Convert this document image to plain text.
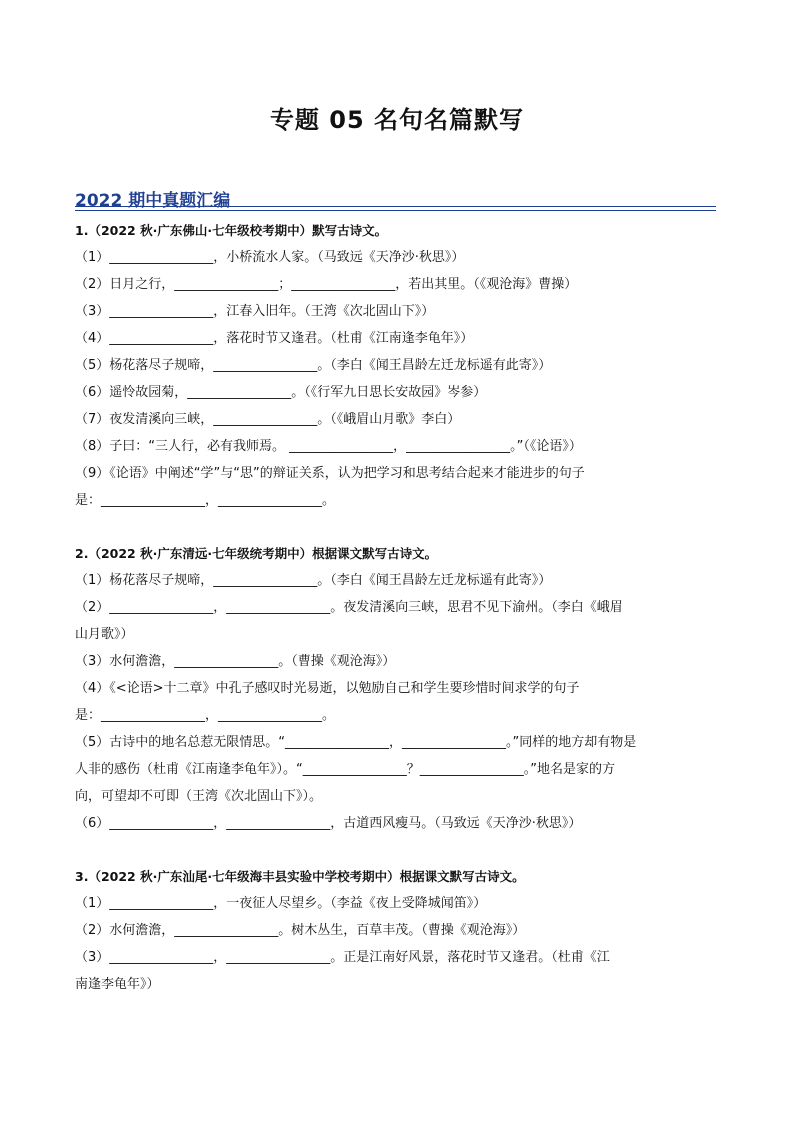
专题 05 名句名篇默写
2022 期中真题汇编
1.（2022 秋·广东佛山·七年级校考期中）默写古诗文。
（1）________________，小桥流水人家。（马致远《天净沙·秋思》）
（2）日月之行，________________；________________，若出其里。（《观沧海》曹操）
（3）________________，江春入旧年。（王湾《次北固山下》）
（4）________________，落花时节又逢君。（杜甫《江南逢李龟年》）
（5）杨花落尽子规啼，________________。（李白《闻王昌龄左迁龙标遥有此寄》）
（6）遥怜故园菊，________________。（《行军九日思长安故园》岑参）
（7）夜发清溪向三峡，________________。（《峨眉山月歌》李白）
（8）子曰：“三人行，必有我师焉。 ________________，________________。”（《论语》）
（9）《论语》中阐述“学”与“思”的辩证关系，认为把学习和思考结合起来才能进步的句子
是：________________，________________。
2.（2022 秋·广东清远·七年级统考期中）根据课文默写古诗文。
（1）杨花落尽子规啼，________________。（李白《闻王昌龄左迁龙标遥有此寄》）
（2）________________，________________。夜发清溪向三峡，思君不见下渝州。（李白《峨眉
山月歌》）
（3）水何澹澹，________________。（曹操《观沧海》）
（4）《<论语>十二章》中孔子感叹时光易逝，以勉励自己和学生要珍惜时间求学的句子
是：________________，________________。
（5）古诗中的地名总惹无限情思。“________________，________________。”同样的地方却有物是
人非的感伤（杜甫《江南逢李龟年》）。“________________？________________。”地名是家的方
向，可望却不可即（王湾《次北固山下》）。
（6）________________，________________，古道西风瘦马。（马致远《天净沙·秋思》）
3.（2022 秋·广东汕尾·七年级海丰县实验中学校考期中）根据课文默写古诗文。
（1）________________，一夜征人尽望乡。（李益《夜上受降城闻笛》）
（2）水何澹澹，________________。树木丛生，百草丰茂。（曹操《观沧海》）
（3）________________，________________。正是江南好风景，落花时节又逢君。（杜甫《江
南逢李龟年》）
